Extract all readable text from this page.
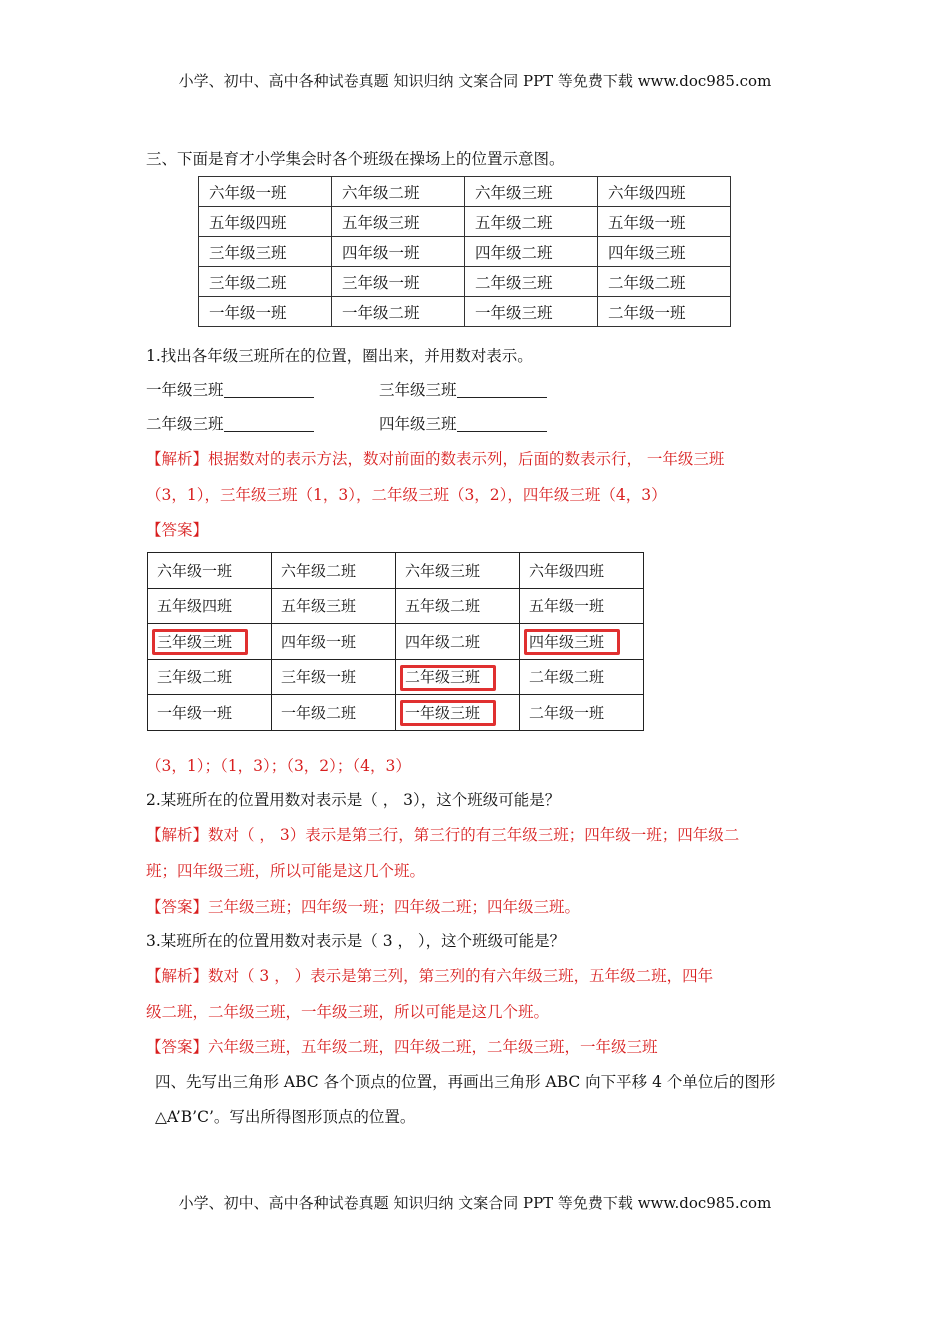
小学、初中、高中各种试卷真题 知识归纳 文案合同 PPT 等免费下载 www.doc985.com
三、下面是育才小学集会时各个班级在操场上的位置示意图。
六年级一班	六年级二班	六年级三班	六年级四班
五年级四班	五年级三班	五年级二班	五年级一班
三年级三班	四年级一班	四年级二班	四年级三班
三年级二班	三年级一班	二年级三班	二年级二班
一年级一班	一年级二班	一年级三班	二年级一班
1.找出各年级三班所在的位置，圈出来，并用数对表示。
一年级三班	三年级三班
二年级三班	四年级三班
【解析】根据数对的表示方法，数对前面的数表示列，后面的数表示行， 一年级三班
（3，1），三年级三班（1，3），二年级三班（3，2），四年级三班（4，3）
【答案】
六年级一班	六年级二班	六年级三班	六年级四班
五年级四班	五年级三班	五年级二班	五年级一班
三年级三班	四年级一班	四年级二班	四年级三班

三年级二班	三年级一班	二年级三班	二年级二班
一年级一班	一年级二班	一年级三班	二年级一班
（3，1）；（1，3）；（3，2）；（4，3）
2.某班所在的位置用数对表示是（ ， 3），这个班级可能是？
【解析】数对（ ， 3）表示是第三行，第三行的有三年级三班；四年级一班；四年级二
班；四年级三班，所以可能是这几个班。
【答案】三年级三班；四年级一班；四年级二班；四年级三班。
3.某班所在的位置用数对表示是（ 3 ， ），这个班级可能是？
【解析】数对（ 3 ， ）表示是第三列，第三列的有六年级三班，五年级二班，四年
级二班，二年级三班，一年级三班，所以可能是这几个班。
【答案】六年级三班，五年级二班，四年级二班，二年级三班，一年级三班
四、先写出三角形 ABC 各个顶点的位置，再画出三角形 ABC 向下平移 4 个单位后的图形
△A’B’C’。写出所得图形顶点的位置。
小学、初中、高中各种试卷真题 知识归纳 文案合同 PPT 等免费下载 www.doc985.com
